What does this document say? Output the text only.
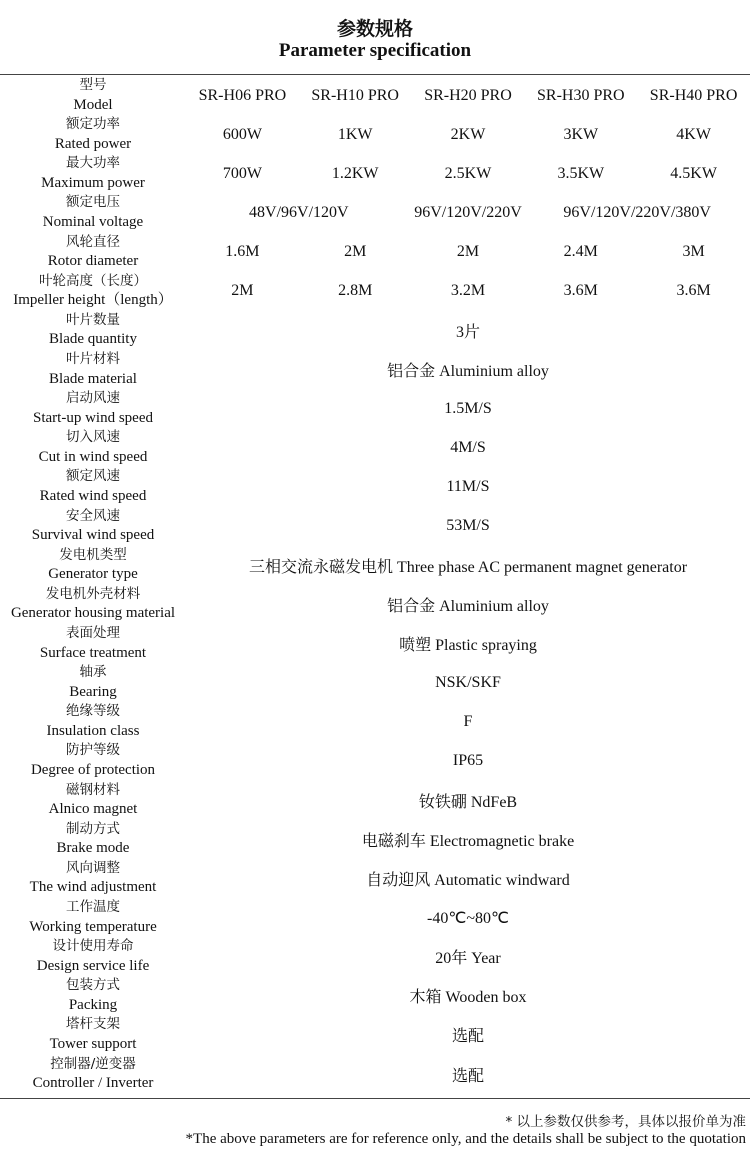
参数规格
Parameter specification
型号
Model	SR-H06 PRO	SR-H10 PRO	SR-H20 PRO	SR-H30 PRO	SR-H40 PRO

额定功率
Rated power	600W	1KW	2KW	3KW	4KW

最大功率
Maximum power	700W	1.2KW	2.5KW	3.5KW	4.5KW

额定电压
Nominal voltage	48V/96V/120V		96V/120V/220V	96V/120V/220V/380V	

风轮直径
Rotor diameter	1.6M	2M	2M	2.4M	3M

叶轮高度（长度）
Impeller height（length）	2M	2.8M	3.2M	3.6M	3.6M

叶片数量
Blade quantity	3片				

叶片材料
Blade material	铝合金 Aluminium alloy				

启动风速
Start-up wind speed	1.5M/S				

切入风速
Cut in wind speed	4M/S				

额定风速
Rated wind speed	11M/S				

安全风速
Survival wind speed	53M/S				

发电机类型
Generator type	三相交流永磁发电机 Three phase AC permanent magnet generator				

发电机外壳材料
Generator housing material	铝合金 Aluminium alloy				

表面处理
Surface treatment	喷塑 Plastic spraying				

轴承
Bearing	NSK/SKF				

绝缘等级
Insulation class	F				

防护等级
Degree of protection	IP65				

磁钢材料
Alnico magnet	钕铁硼 NdFeB				

制动方式
Brake mode	电磁刹车 Electromagnetic brake				

风向调整
The wind adjustment	自动迎风 Automatic windward				

工作温度
Working temperature	-40℃~80℃				

设计使用寿命
Design service life	20年 Year				

包装方式
Packing	木箱 Wooden box				

塔杆支架
Tower support	选配				

控制器/逆变器
Controller / Inverter	选配				
* 以上参数仅供参考，具体以报价单为准
*The above parameters are for reference only, and the details shall be subject to the quotation
